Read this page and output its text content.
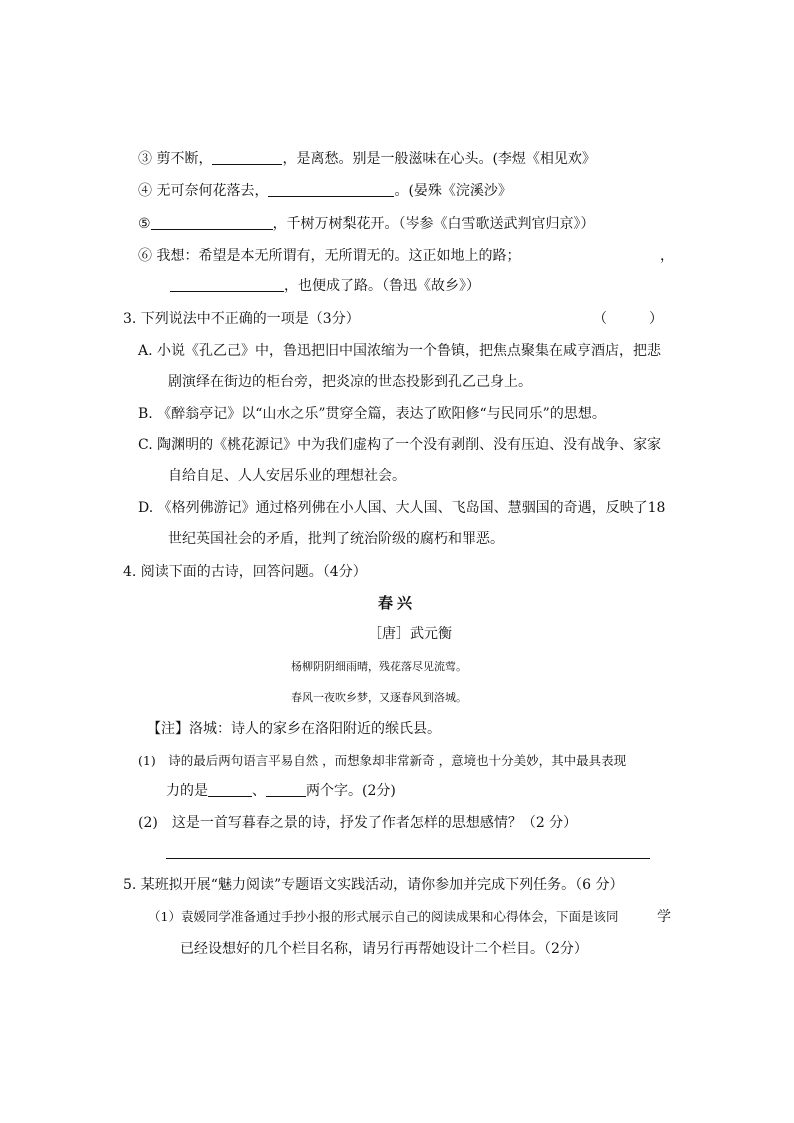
③ 剪不断，	，是离愁。别是一般滋味在心头。(李煜《相见欢》
④ 无可奈何花落去，	。(晏殊《浣溪沙》
⑤	，千树万树梨花开。（岑参《白雪歌送武判官归京》）
⑥ 我想：希望是本无所谓有，无所谓无的。这正如地上的路；	，
，也便成了路。（鲁迅《故乡》）
3. 下列说法中不正确的一项是（3分）	（　　　）
A. 小说《孔乙己》中，鲁迅把旧中国浓缩为一个鲁镇，把焦点聚集在咸亨酒店，把悲
剧演绎在街边的柜台旁，把炎凉的世态投影到孔乙己身上。
B. 《醉翁亭记》以“山水之乐”贯穿全篇，表达了欧阳修“与民同乐”的思想。
C. 陶渊明的《桃花源记》中为我们虚构了一个没有剥削、没有压迫、没有战争、家家
自给自足、人人安居乐业的理想社会。
D. 《格列佛游记》通过格列佛在小人国、大人国、飞岛国、慧骃国的奇遇，反映了18
世纪英国社会的矛盾，批判了统治阶级的腐朽和罪恶。
4. 阅读下面的古诗，回答问题。（4分）
春兴
［唐］武元衡
杨柳阴阴细雨晴，残花落尽见流莺。
春风一夜吹乡梦，又逐春风到洛城。
【注】洛城：诗人的家乡在洛阳附近的缑氏县。
(1)　诗的最后两句语言平易自然 ，而想象却非常新奇 ，意境也十分美妙，其中最具表现
力的是	、	两个字。(2分)
(2)　这是一首写暮春之景的诗，抒发了作者怎样的思想感情？（2 分）
5. 某班拟开展“魅力阅读”专题语文实践活动，请你参加并完成下列任务。（6 分）
（1）袁媛同学准备通过手抄小报的形式展示自己的阅读成果和心得体会，下面是该同	学
已经设想好的几个栏目名称，请另行再帮她设计二个栏目。（2分）
